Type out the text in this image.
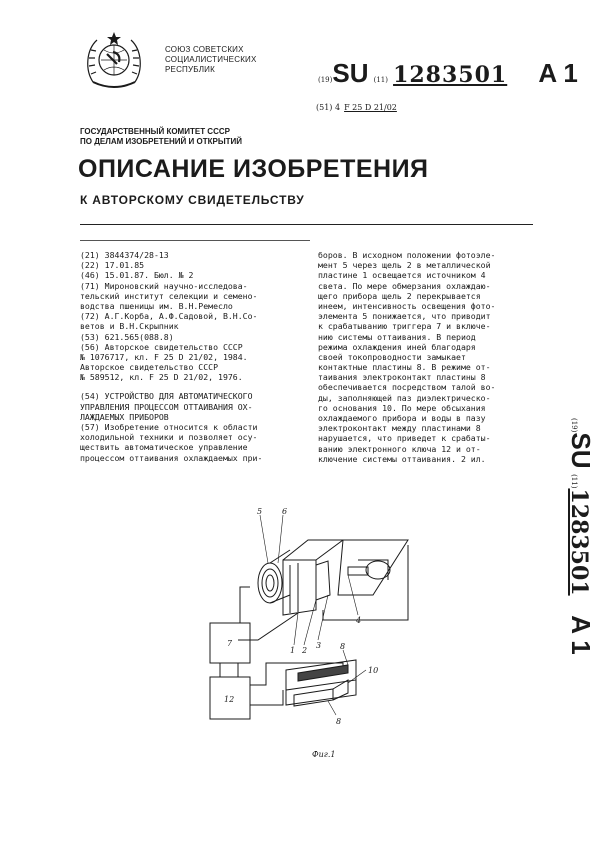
СОЮЗ СОВЕТСКИХ
СОЦИАЛИСТИЧЕСКИХ
РЕСПУБЛИК
(19)SU (11) 1283501 A 1
(51) 4 F 25 D 21/02
ГОСУДАРСТВЕННЫЙ КОМИТЕТ СССР
ПО ДЕЛАМ ИЗОБРЕТЕНИЙ И ОТКРЫТИЙ
ОПИСАНИЕ ИЗОБРЕТЕНИЯ
К АВТОРСКОМУ СВИДЕТЕЛЬСТВУ
(21) 3844374/28-13
(22) 17.01.85
(46) 15.01.87. Бюл. № 2
(71) Мироновский научно-исследова-
тельский институт селекции и семено-
водства пшеницы им. В.Н.Ремесло
(72) А.Г.Корба, А.Ф.Садовой, В.Н.Со-
ветов и В.Н.Скрыпник
(53) 621.565(088.8)
(56) Авторское свидетельство СССР
№ 1076717, кл. F 25 D 21/02, 1984.
Авторское свидетельство СССР
№ 589512, кл. F 25 D 21/02, 1976.
(54) УСТРОЙСТВО ДЛЯ АВТОМАТИЧЕСКОГО
УПРАВЛЕНИЯ ПРОЦЕССОМ ОТТАИВАНИЯ ОХ-
ЛАЖДАЕМЫХ ПРИБОРОВ
(57) Изобретение относится к области
холодильной техники и позволяет осу-
ществить автоматическое управление
процессом оттаивания охлаждаемых при-
боров. В исходном положении фотоэле-
мент 5 через щель 2 в металлической
пластине 1 освещается источником 4
света. По мере обмерзания охлаждаю-
щего прибора щель 2 перекрывается
инеем, интенсивность освещения фото-
элемента 5 понижается, что приводит
к срабатыванию триггера 7 и включе-
нию системы оттаивания. В период
режима охлаждения иней благодаря
своей токопроводности замыкает
контактные пластины 8. В режиме от-
таивания электроконтакт пластины 8
обеспечивается посредством талой во-
ды, заполняющей паз диэлектрическо-
го основания 10. По мере обсыхания
охлаждаемого прибора и воды в пазу
электроконтакт между пластинами 8
нарушается, что приведет к срабаты-
ванию электронного ключа 12 и от-
ключение системы оттаивания. 2 ил.
(19)SU (11)1283501 A 1
5 6
7
12
1 2
3
4
8
10
8
Фиг.1
